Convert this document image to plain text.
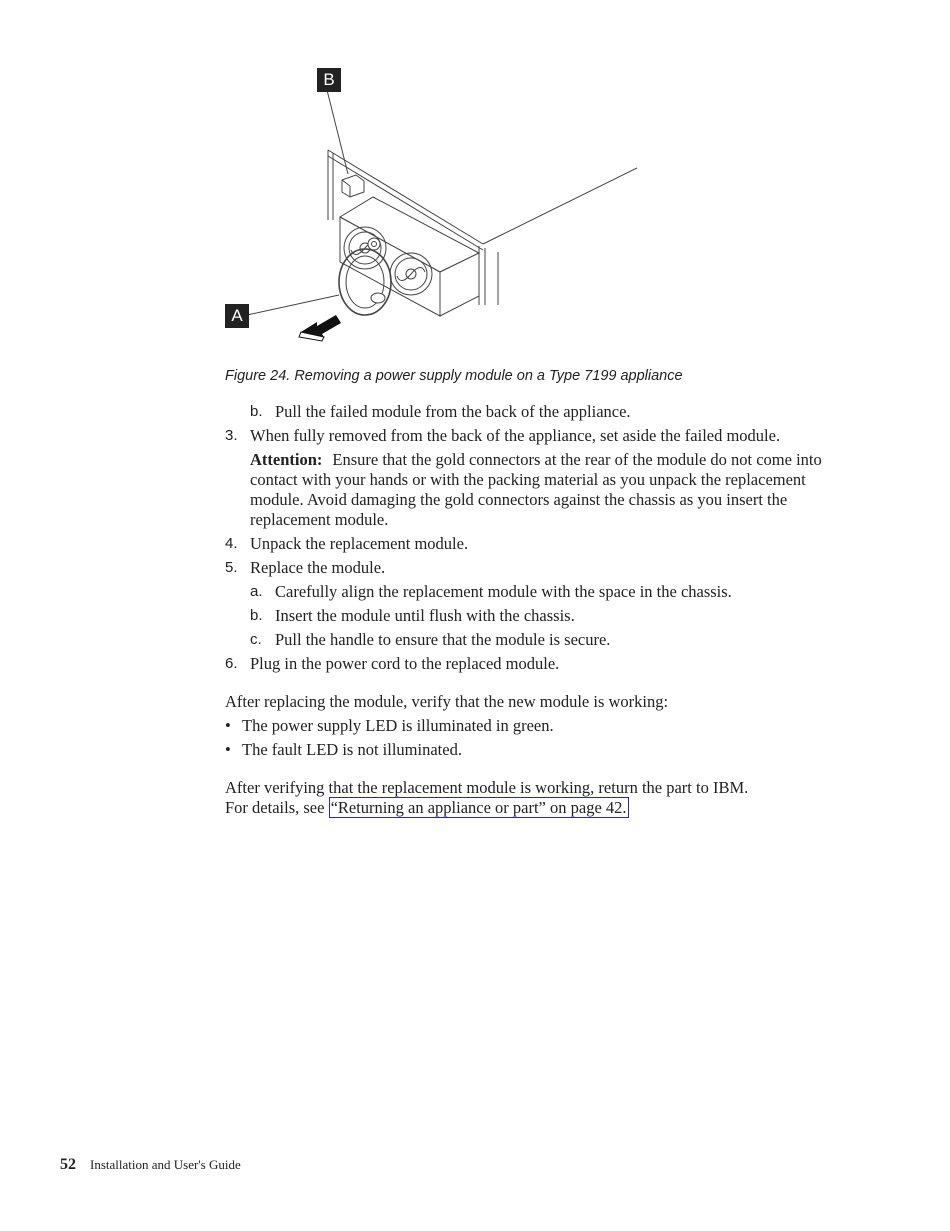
B
A
Figure 24. Removing a power supply module on a Type 7199 appliance
b. Pull the failed module from the back of the appliance.
3. When fully removed from the back of the appliance, set aside the failed module.
Attention: Ensure that the gold connectors at the rear of the module do not come into contact with your hands or with the packing material as you unpack the replacement module. Avoid damaging the gold connectors against the chassis as you insert the replacement module.
4. Unpack the replacement module.
5. Replace the module.
a. Carefully align the replacement module with the space in the chassis.
b. Insert the module until flush with the chassis.
c. Pull the handle to ensure that the module is secure.
6. Plug in the power cord to the replaced module.
After replacing the module, verify that the new module is working:
• The power supply LED is illuminated in green.
• The fault LED is not illuminated.
After verifying that the replacement module is working, return the part to IBM.
For details, see “Returning an appliance or part” on page 42.
52 Installation and User's Guide
